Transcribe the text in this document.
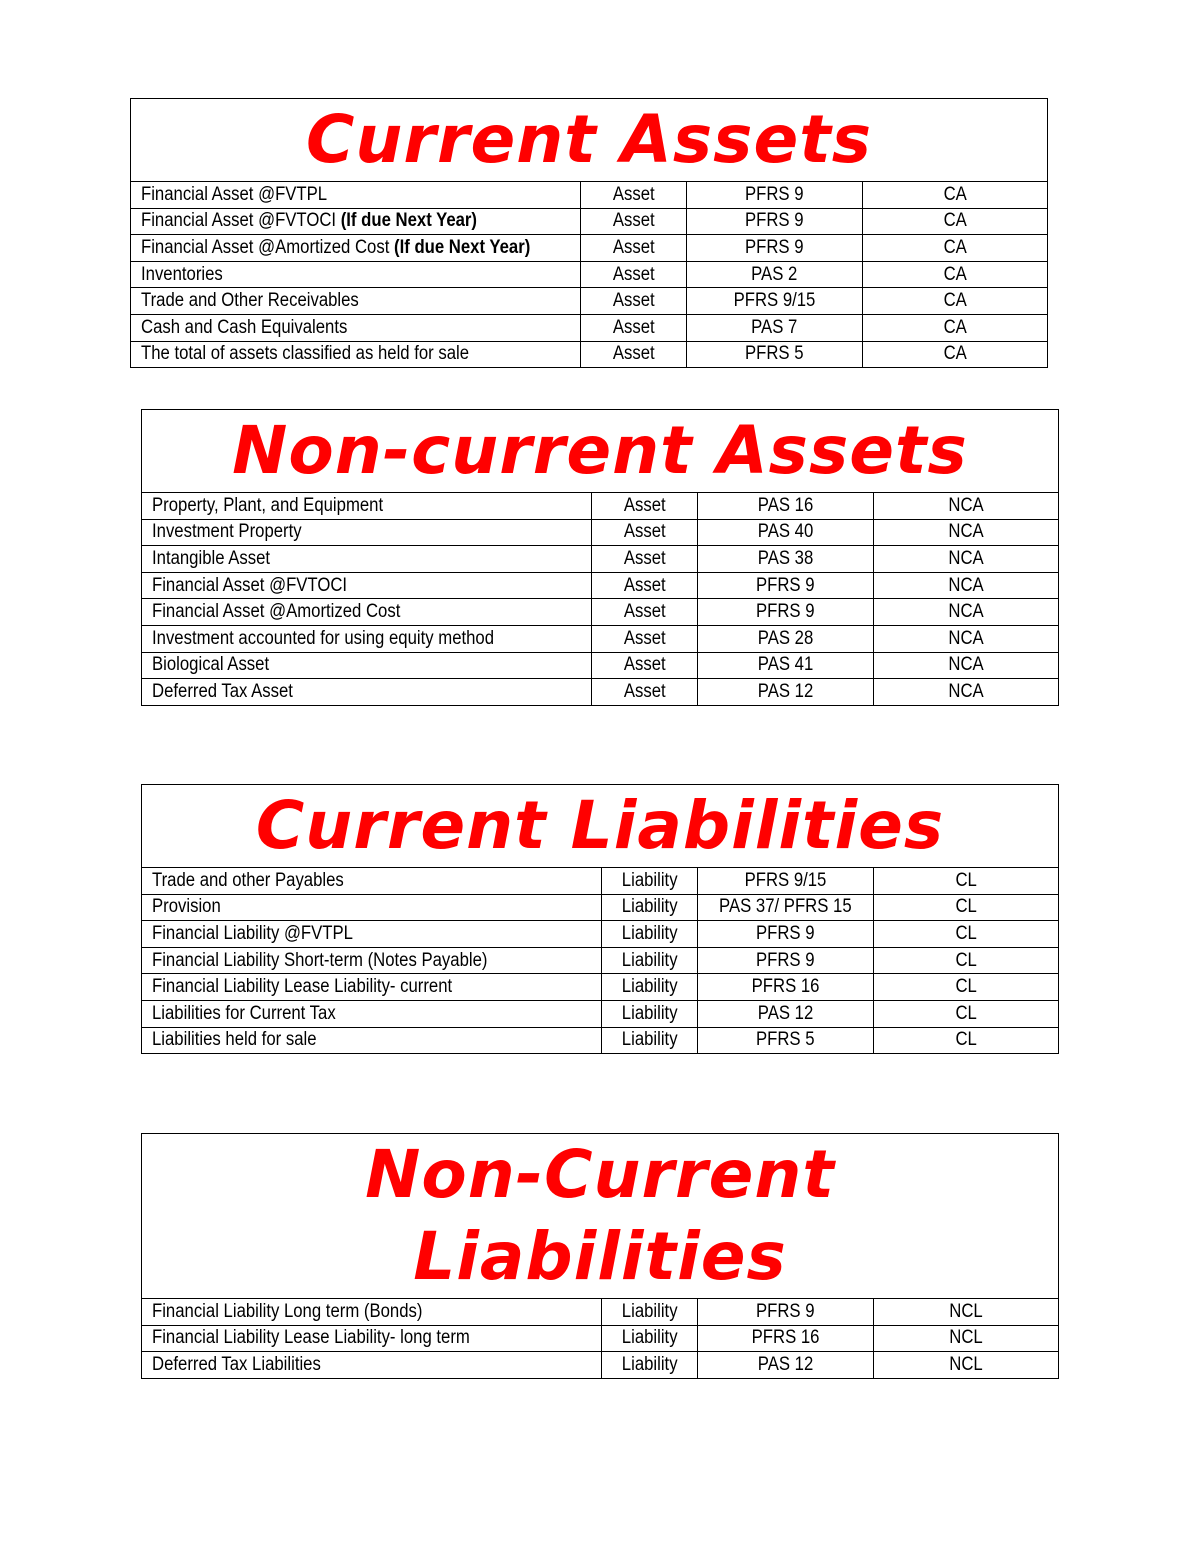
Current Assets			
Financial Asset @FVTPL	Asset	PFRS 9	CA
Financial Asset @FVTOCI (If due Next Year)	Asset	PFRS 9	CA
Financial Asset @Amortized Cost (If due Next Year)	Asset	PFRS 9	CA
Inventories	Asset	PAS 2	CA
Trade and Other Receivables	Asset	PFRS 9/15	CA
Cash and Cash Equivalents	Asset	PAS 7	CA
The total of assets classified as held for sale	Asset	PFRS 5	CA
Non-current Assets			
Property, Plant, and Equipment	Asset	PAS 16	NCA
Investment Property	Asset	PAS 40	NCA
Intangible Asset	Asset	PAS 38	NCA
Financial Asset @FVTOCI	Asset	PFRS 9	NCA
Financial Asset @Amortized Cost	Asset	PFRS 9	NCA
Investment accounted for using equity method	Asset	PAS 28	NCA
Biological Asset	Asset	PAS 41	NCA
Deferred Tax Asset	Asset	PAS 12	NCA
Current Liabilities			
Trade and other Payables	Liability	PFRS 9/15	CL
Provision	Liability	PAS 37/ PFRS 15	CL
Financial Liability @FVTPL	Liability	PFRS 9	CL
Financial Liability Short-term (Notes Payable)	Liability	PFRS 9	CL
Financial Liability Lease Liability- current	Liability	PFRS 16	CL
Liabilities for Current Tax	Liability	PAS 12	CL
Liabilities held for sale	Liability	PFRS 5	CL
Non-Current Liabilities			
Financial Liability Long term (Bonds)	Liability	PFRS 9	NCL
Financial Liability Lease Liability- long term	Liability	PFRS 16	NCL
Deferred Tax Liabilities	Liability	PAS 12	NCL
